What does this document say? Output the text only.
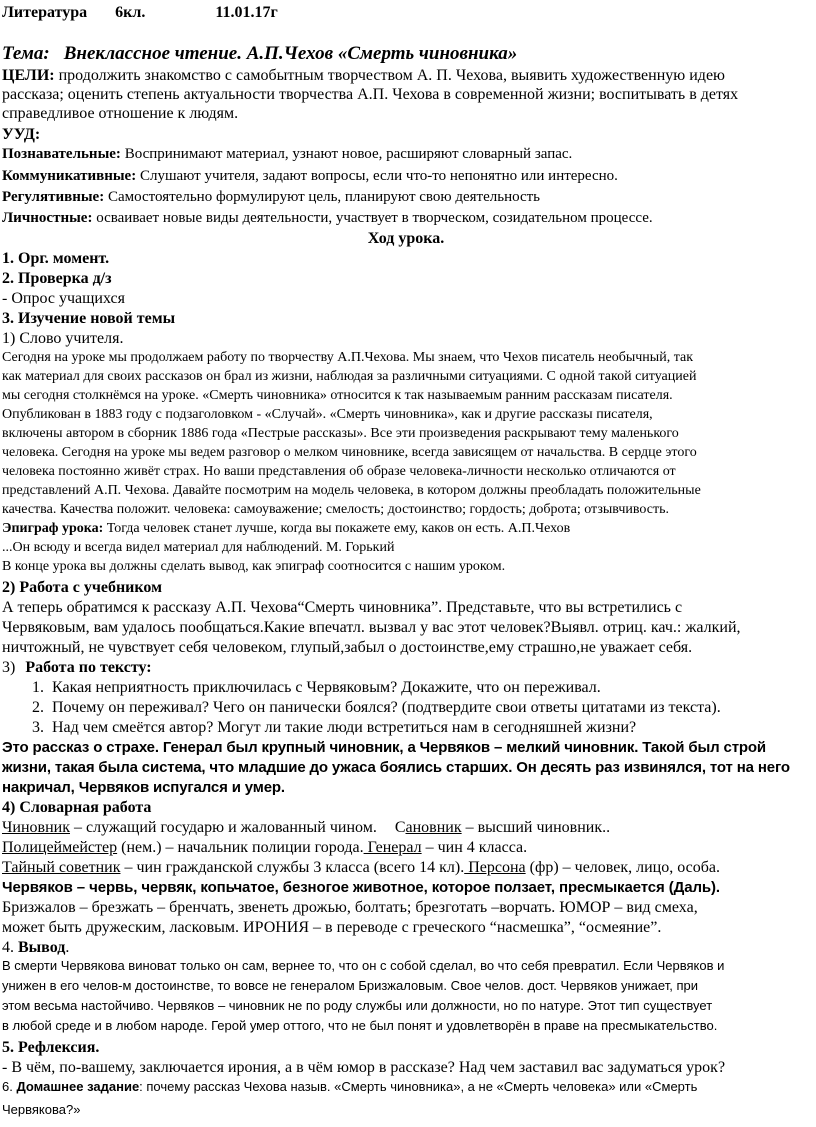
Литература 6кл.	11.01.17г
Тема: Внеклассное чтение. А.П.Чехов «Смерть чиновника»
ЦЕЛИ: продолжить знакомство с самобытным творчеством А. П. Чехова, выявить художественную идею
рассказа; оценить степень актуальности творчества А.П. Чехова в современной жизни; воспитывать в детях
справедливое отношение к людям.
УУД:
Познавательные: Воспринимают материал, узнают новое, расширяют словарный запас.
Коммуникативные: Слушают учителя, задают вопросы, если что-то непонятно или интересно.
Регулятивные: Самостоятельно формулируют цель, планируют свою деятельность
Личностные: осваивает новые виды деятельности, участвует в творческом, созидательном процессе.
Ход урока.
1. Орг. момент.
2. Проверка д/з
- Опрос учащихся
3. Изучение новой темы
1) Слово учителя.
Сегодня на уроке мы продолжаем работу по творчеству А.П.Чехова. Мы знаем, что Чехов писатель необычный, так
как материал для своих рассказов он брал из жизни, наблюдая за различными ситуациями. С одной такой ситуацией
мы сегодня столкнёмся на уроке. «Смерть чиновника» относится к так называемым ранним рассказам писателя.
Опубликован в 1883 году с подзаголовком - «Случай». «Смерть чиновника», как и другие рассказы писателя,
включены автором в сборник 1886 года «Пестрые рассказы». Все эти произведения раскрывают тему маленького
человека. Сегодня на уроке мы ведем разговор о мелком чиновнике, всегда зависящем от начальства. В сердце этого
человека постоянно живёт страх. Но ваши представления об образе человека-личности несколько отличаются от
представлений А.П. Чехова. Давайте посмотрим на модель человека, в котором должны преобладать положительные
качества. Качества положит. человека: самоуважение; смелость; достоинство; гордость; доброта; отзывчивость.
Эпиграф урока: Тогда человек станет лучше, когда вы покажете ему, каков он есть. А.П.Чехов
...Он всюду и всегда видел материал для наблюдений. М. Горький
В конце урока вы должны сделать вывод, как эпиграф соотносится с нашим уроком.
2) Работа с учебником
А теперь обратимся к рассказу А.П. Чехова“Смерть чиновника”. Представьте, что вы встретились с
Червяковым, вам удалось пообщаться.Какие впечатл. вызвал у вас этот человек?Выявл. отриц. кач.: жалкий,
ничтожный, не чувствует себя человеком, глупый,забыл о достоинстве,ему страшно,не уважает себя.
3) Работа по тексту:
1. Какая неприятность приключилась с Червяковым? Докажите, что он переживал.
2. Почему он переживал? Чего он панически боялся? (подтвердите свои ответы цитатами из текста).
3. Над чем смеётся автор? Могут ли такие люди встретиться нам в сегодняшней жизни?
Это рассказ о страхе. Генерал был крупный чиновник, а Червяков – мелкий чиновник. Такой был строй
жизни, такая была система, что младшие до ужаса боялись старших. Он десять раз извинялся, тот на него
накричал, Червяков испугался и умер.
4) Словарная работа
Чиновник – служащий государю и жалованный чином. Сановник – высший чиновник..
Полицеймейстер (нем.) – начальник полиции города. Генерал – чин 4 класса.
Тайный советник – чин гражданской службы 3 класса (всего 14 кл). Персона (фр) – человек, лицо, особа.
Червяков – червь, червяк, копьчатое, безногое животное, которое ползает, пресмыкается (Даль).
Бризжалов – брезжать – бренчать, звенеть дрожью, болтать; брезготать –ворчать. ЮМОР – вид смеха,
может быть дружеским, ласковым. ИРОНИЯ – в переводе с греческого “насмешка”, “осмеяние”.
4. Вывод.
В смерти Червякова виноват только он сам, вернее то, что он с собой сделал, во что себя превратил. Если Червяков и
унижен в его челов-м достоинстве, то вовсе не генералом Бризжаловым. Свое челов. дост. Червяков унижает, при
этом весьма настойчиво. Червяков – чиновник не по роду службы или должности, но по натуре. Этот тип существует
в любой среде и в любом народе. Герой умер оттого, что не был понят и удовлетворён в праве на пресмыкательство.
5. Рефлексия.
- В чём, по-вашему, заключается ирония, а в чём юмор в рассказе? Над чем заставил вас задуматься урок?
6. Домашнее задание: почему рассказ Чехова назыв. «Смерть чиновника», а не «Смерть человека» или «Смерть
Червякова?»
